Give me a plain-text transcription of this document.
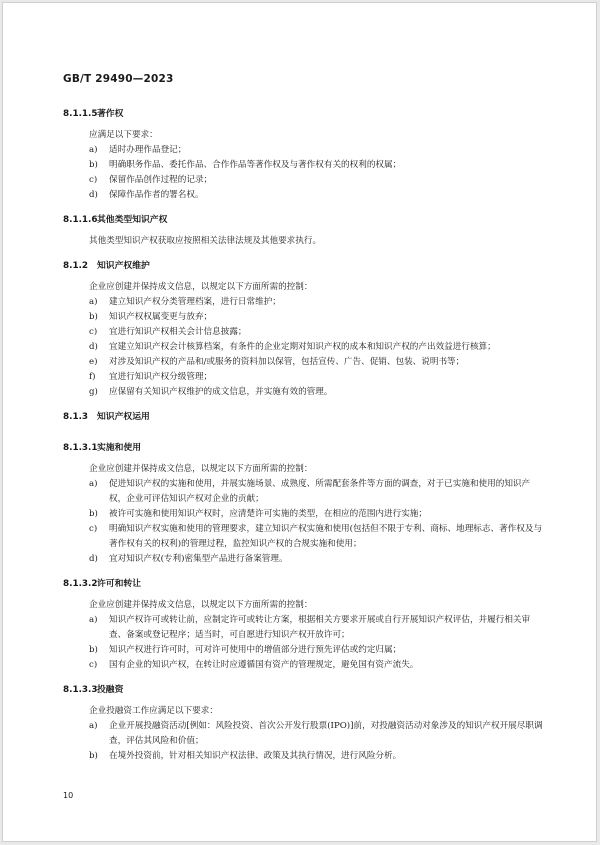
GB/T 29490—2023
8.1.1.5著作权
应满足以下要求：
a) 适时办理作品登记；
b) 明确职务作品、委托作品、合作作品等著作权及与著作权有关的权利的权属；
c) 保留作品创作过程的记录；
d) 保障作品作者的署名权。
8.1.1.6其他类型知识产权
其他类型知识产权获取应按照相关法律法规及其他要求执行。
8.1.2 知识产权维护
企业应创建并保持成文信息，以规定以下方面所需的控制：
a) 建立知识产权分类管理档案，进行日常维护；
b) 知识产权权属变更与放弃；
c) 宜进行知识产权相关会计信息披露；
d) 宜建立知识产权会计核算档案，有条件的企业定期对知识产权的成本和知识产权的产出效益进行核算；
e) 对涉及知识产权的产品和/或服务的资料加以保管，包括宣传、广告、促销、包装、说明书等；
f) 宜进行知识产权分级管理；
g) 应保留有关知识产权维护的成文信息，并实施有效的管理。
8.1.3 知识产权运用
8.1.3.1实施和使用
企业应创建并保持成文信息，以规定以下方面所需的控制：
a) 促进知识产权的实施和使用，并展实施场景、成熟度、所需配套条件等方面的调查，对于已实施和使用的知识产权，企业可评估知识产权对企业的贡献；
b) 被许可实施和使用知识产权时，应清楚许可实施的类型，在相应的范围内进行实施；
c) 明确知识产权实施和使用的管理要求，建立知识产权实施和使用(包括但不限于专利、商标、地理标志、著作权及与著作权有关的权利)的管理过程，监控知识产权的合规实施和使用；
d) 宜对知识产权(专利)密集型产品进行备案管理。
8.1.3.2许可和转让
企业应创建并保持成文信息，以规定以下方面所需的控制：
a) 知识产权许可或转让前，应制定许可或转让方案，根据相关方要求开展或自行开展知识产权评估，并履行相关审查、备案或登记程序；适当时，可自愿进行知识产权开放许可；
b) 知识产权进行许可时，可对许可使用中的增值部分进行预先评估或约定归属；
c) 国有企业的知识产权，在转让时应遵循国有资产的管理规定，避免国有资产流失。
8.1.3.3投融资
企业投融资工作应满足以下要求：
a) 企业开展投融资活动[例如：风险投资、首次公开发行股票(IPO)]前，对投融资活动对象涉及的知识产权开展尽职调查，评估其风险和价值；
b) 在境外投资前，针对相关知识产权法律、政策及其执行情况，进行风险分析。
10
